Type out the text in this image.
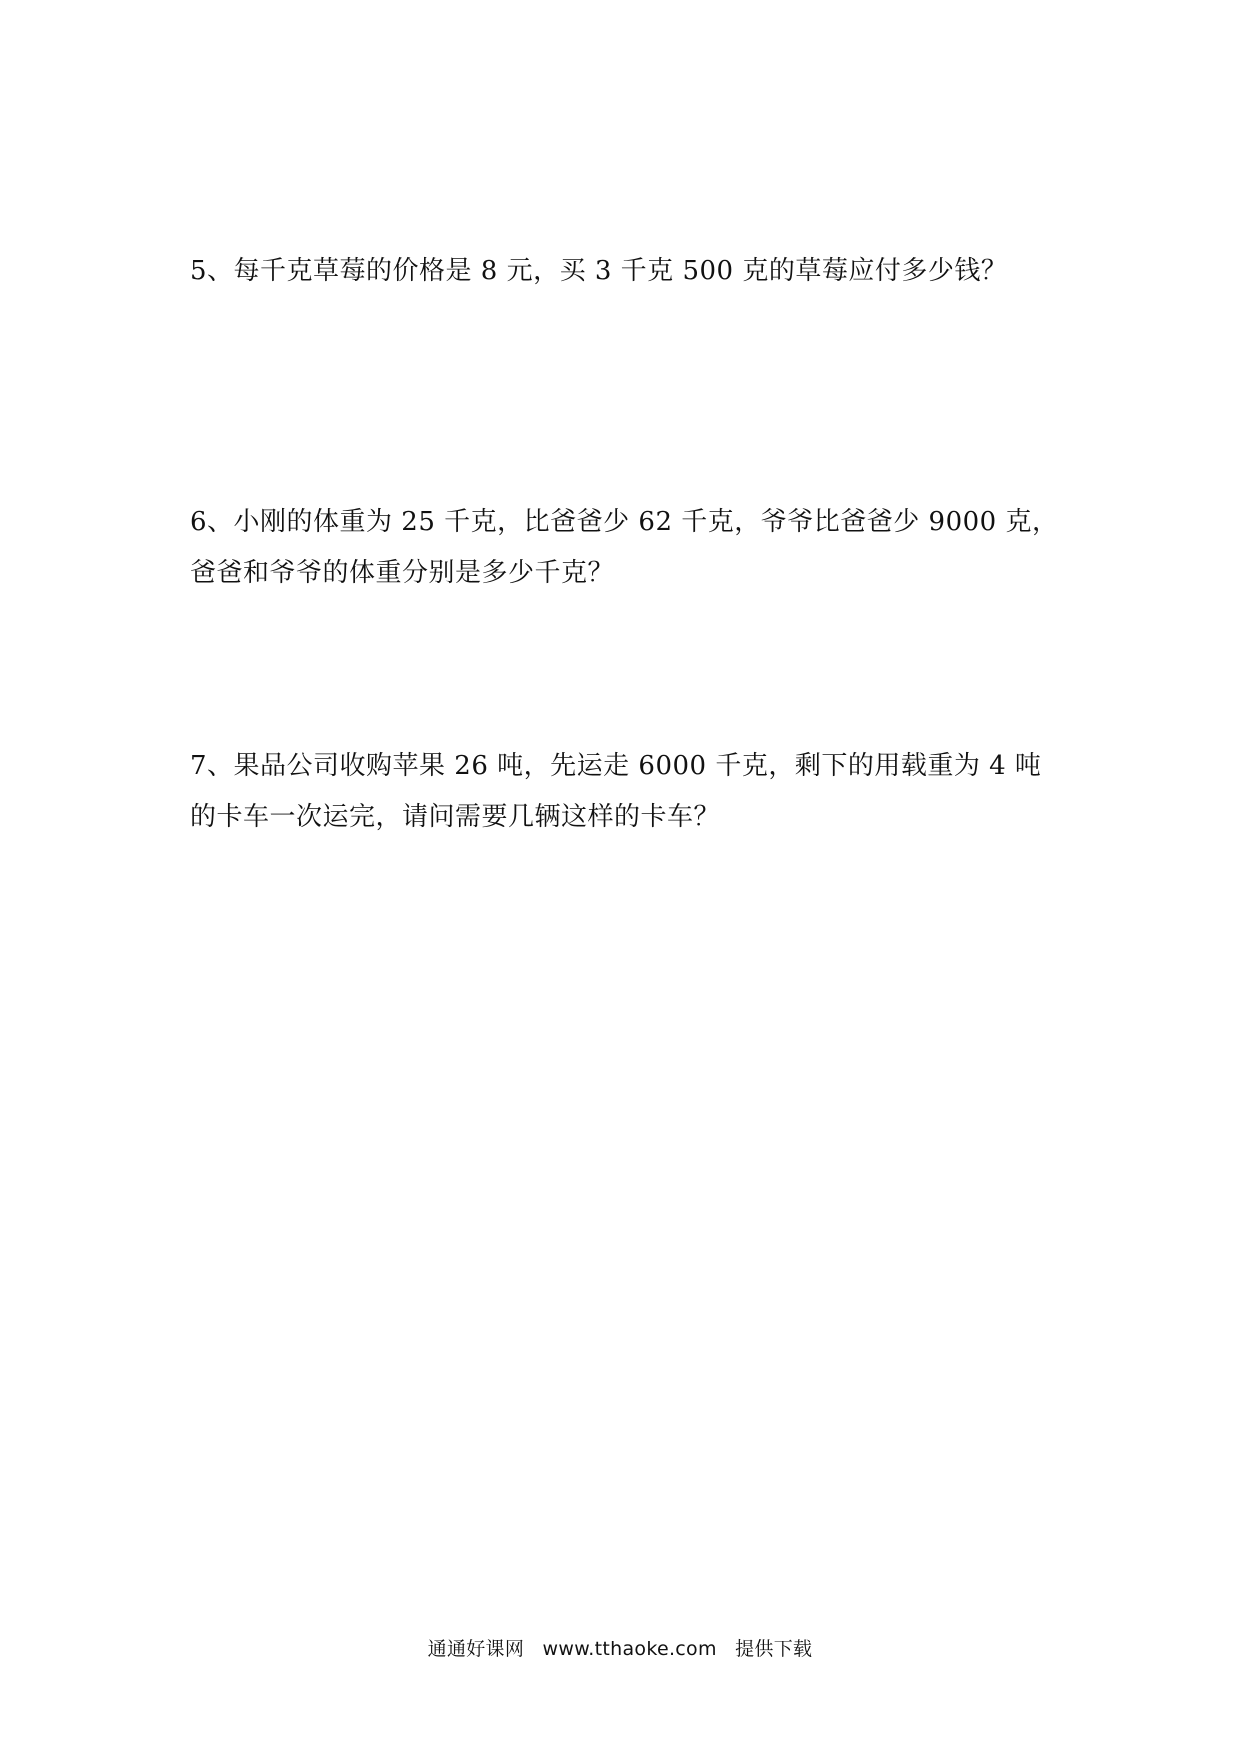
5、每千克草莓的价格是 8 元，买 3 千克 500 克的草莓应付多少钱？

6、小刚的体重为 25 千克，比爸爸少 62 千克，爷爷比爸爸少 9000 克，爸爸和爷爷的体重分别是多少千克？

7、果品公司收购苹果 26 吨，先运走 6000 千克，剩下的用载重为 4 吨的卡车一次运完，请问需要几辆这样的卡车？

通通好课网 www.tthaoke.com 提供下载
